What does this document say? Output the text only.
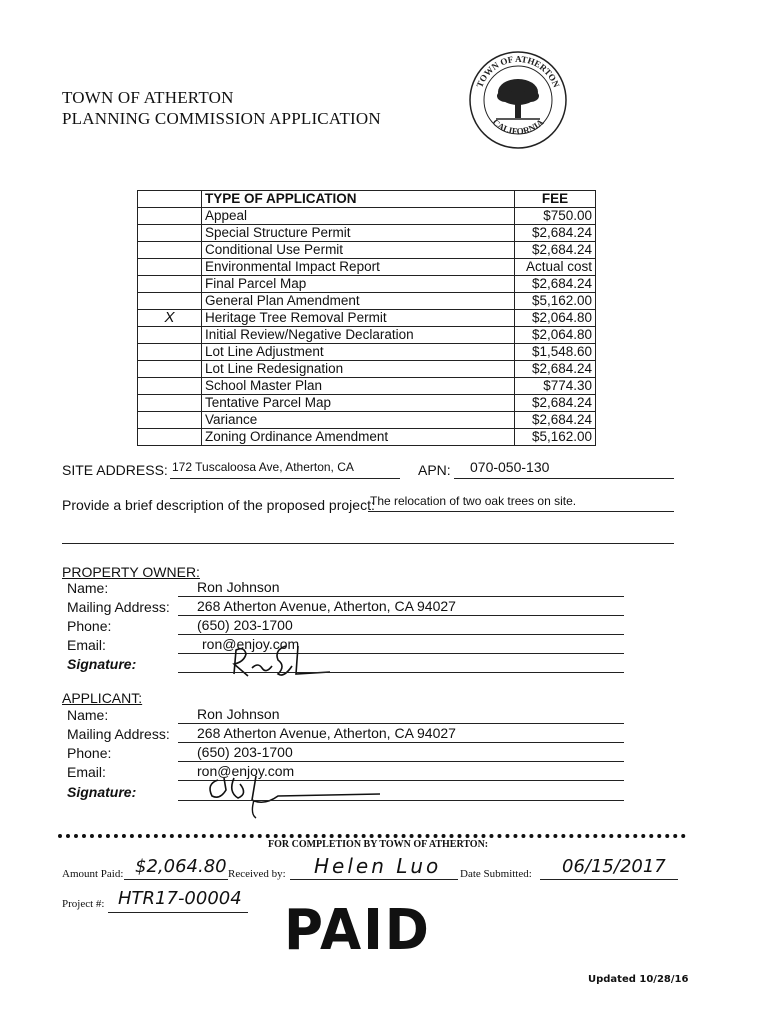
TOWN OF ATHERTON
PLANNING COMMISSION APPLICATION
TOWN OF ATHERTON
CALIFORNIA
	TYPE OF APPLICATION	FEE
	Appeal	$750.00
	Special Structure Permit	$2,684.24
	Conditional Use Permit	$2,684.24
	Environmental Impact Report	Actual cost
	Final Parcel Map	$2,684.24
	General Plan Amendment	$5,162.00
X	Heritage Tree Removal Permit	$2,064.80
	Initial Review/Negative Declaration	$2,064.80
	Lot Line Adjustment	$1,548.60
	Lot Line Redesignation	$2,684.24
	School Master Plan	$774.30
	Tentative Parcel Map	$2,684.24
	Variance	$2,684.24
	Zoning Ordinance Amendment	$5,162.00
SITE ADDRESS: 172 Tuscaloosa Ave, Atherton, CA	APN: 070-050-130
Provide a brief description of the proposed project:
The relocation of two oak trees on site.
PROPERTY OWNER:
Name:	Ron Johnson
Mailing Address: 268 Atherton Avenue, Atherton, CA 94027
Phone:	(650) 203-1700
Email:	ron@enjoy.com
Signature:
APPLICANT:
Name:	Ron Johnson
Mailing Address: 268 Atherton Avenue, Atherton, CA 94027
Phone:	(650) 203-1700
Email:	ron@enjoy.com
Signature:
FOR COMPLETION BY TOWN OF ATHERTON:
Amount Paid: $2,064.80 Received by: Helen Luo Date Submitted: 06/15/2017
Project #: HTR17-00004 PAID
Updated 10/28/16
